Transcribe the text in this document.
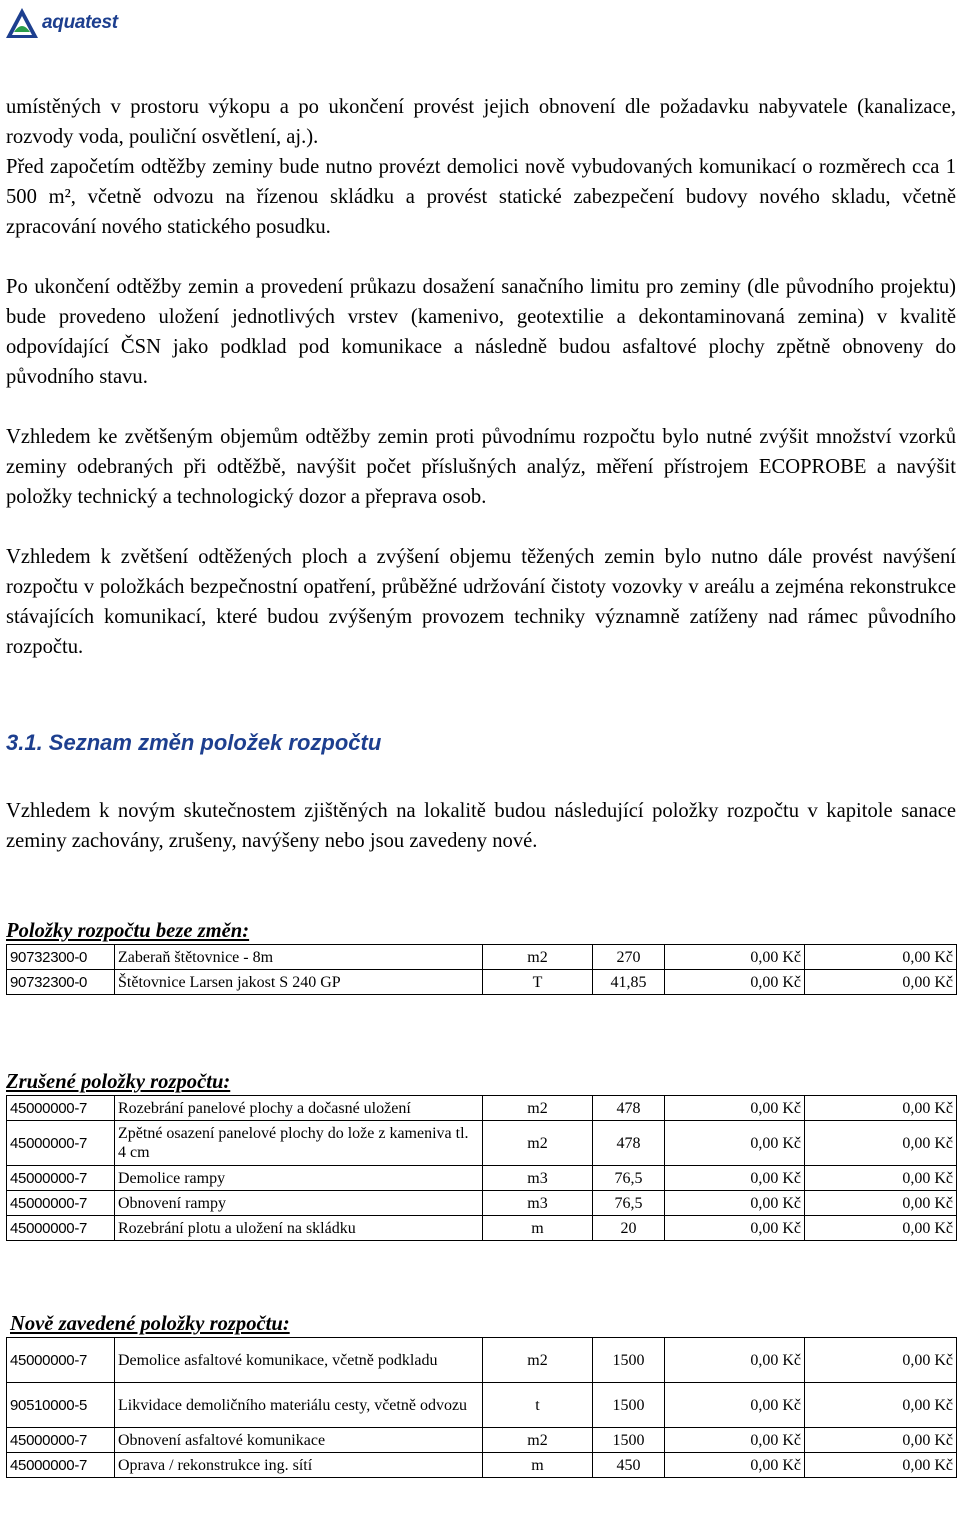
aquatest

umístěných v prostoru výkopu a po ukončení provést jejich obnovení dle požadavku nabyvatele (kanalizace, rozvody voda, pouliční osvětlení, aj.).

Před započetím odtěžby zeminy bude nutno provézt demolici nově vybudovaných komunikací o rozměrech cca 1 500 m², včetně odvozu na řízenou skládku a provést statické zabezpečení budovy nového skladu, včetně zpracování nového statického posudku.

Po ukončení odtěžby zemin a provedení průkazu dosažení sanačního limitu pro zeminy (dle původního projektu) bude provedeno uložení jednotlivých vrstev (kamenivo, geotextilie a dekontaminovaná zemina) v kvalitě odpovídající ČSN jako podklad pod komunikace a následně budou asfaltové plochy zpětně obnoveny do původního stavu.

Vzhledem ke zvětšeným objemům odtěžby zemin proti původnímu rozpočtu bylo nutné zvýšit množství vzorků zeminy odebraných při odtěžbě, navýšit počet příslušných analýz, měření přístrojem ECOPROBE a navýšit položky technický a technologický dozor a přeprava osob.

Vzhledem k zvětšení odtěžených ploch a zvýšení objemu těžených zemin bylo nutno dále provést navýšení rozpočtu v položkách bezpečnostní opatření, průběžné udržování čistoty vozovky v areálu a zejména rekonstrukce stávajících komunikací, které budou zvýšeným provozem techniky významně zatíženy nad rámec původního rozpočtu.

3.1. Seznam změn položek rozpočtu

Vzhledem k novým skutečnostem zjištěných na lokalitě budou následující položky rozpočtu v kapitole sanace zeminy zachovány, zrušeny, navýšeny nebo jsou zavedeny nové.

Položky rozpočtu beze změn:

90732300-0	Zaberaň štětovnice - 8m	m2	270	0,00 Kč	0,00 Kč
90732300-0	Štětovnice Larsen jakost S 240 GP	T	41,85	0,00 Kč	0,00 Kč

Zrušené položky rozpočtu:

45000000-7	Rozebrání panelové plochy a dočasné uložení	m2	478	0,00 Kč	0,00 Kč
45000000-7	Zpětné osazení panelové plochy do lože z kameniva tl. 4 cm	m2	478	0,00 Kč	0,00 Kč
45000000-7	Demolice rampy	m3	76,5	0,00 Kč	0,00 Kč
45000000-7	Obnovení rampy	m3	76,5	0,00 Kč	0,00 Kč
45000000-7	Rozebrání plotu a uložení na skládku	m	20	0,00 Kč	0,00 Kč

Nově zavedené položky rozpočtu:

45000000-7	Demolice asfaltové komunikace, včetně podkladu	m2	1500	0,00 Kč	0,00 Kč
90510000-5	Likvidace demoličního materiálu cesty, včetně odvozu	t	1500	0,00 Kč	0,00 Kč
45000000-7	Obnovení asfaltové komunikace	m2	1500	0,00 Kč	0,00 Kč
45000000-7	Oprava / rekonstrukce ing. sítí	m	450	0,00 Kč	0,00 Kč
